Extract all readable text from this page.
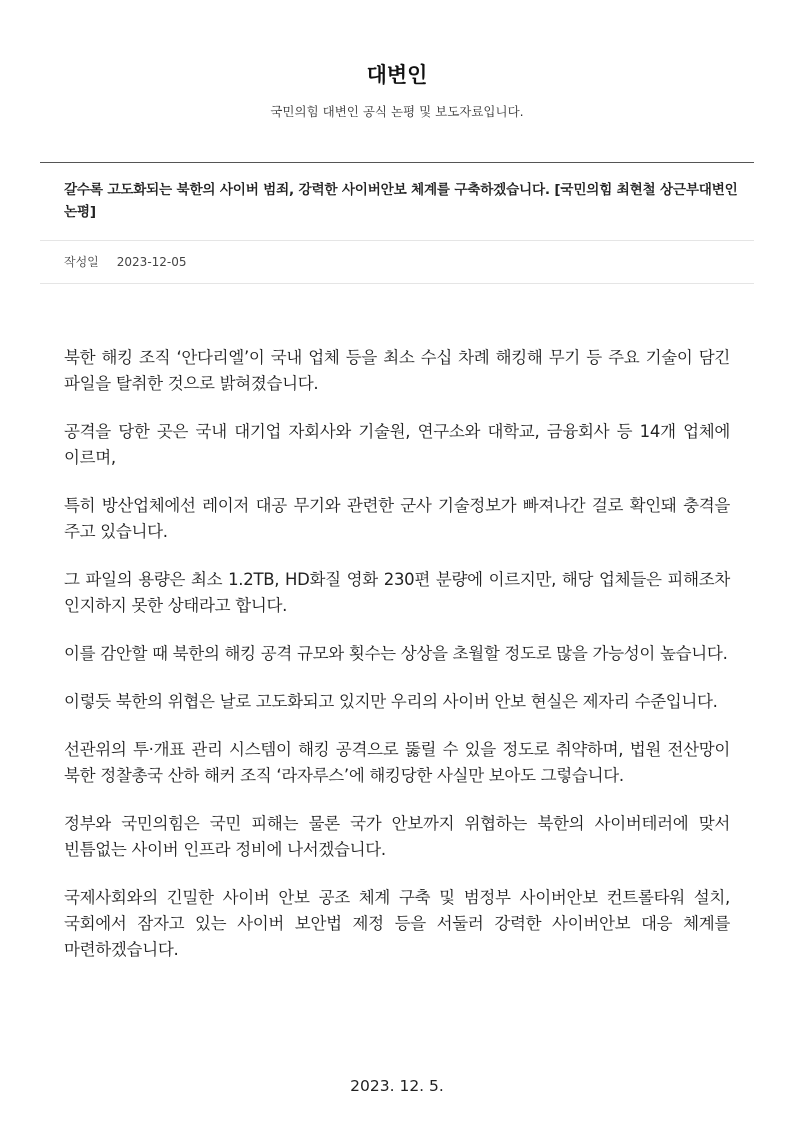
대변인
국민의힘 대변인 공식 논평 및 보도자료입니다.
갈수록 고도화되는 북한의 사이버 범죄, 강력한 사이버안보 체계를 구축하겠습니다. [국민의힘 최현철 상근부대변인 논평]
작성일 2023-12-05

북한 해킹 조직 ‘안다리엘’이 국내 업체 등을 최소 수십 차례 해킹해 무기 등 주요 기술이 담긴 파일을 탈취한 것으로 밝혀졌습니다.

공격을 당한 곳은 국내 대기업 자회사와 기술원, 연구소와 대학교, 금융회사 등 14개 업체에 이르며,

특히 방산업체에선 레이저 대공 무기와 관련한 군사 기술정보가 빠져나간 걸로 확인돼 충격을 주고 있습니다.

그 파일의 용량은 최소 1.2TB, HD화질 영화 230편 분량에 이르지만, 해당 업체들은 피해조차 인지하지 못한 상태라고 합니다.

이를 감안할 때 북한의 해킹 공격 규모와 횟수는 상상을 초월할 정도로 많을 가능성이 높습니다.

이렇듯 북한의 위협은 날로 고도화되고 있지만 우리의 사이버 안보 현실은 제자리 수준입니다.

선관위의 투·개표 관리 시스템이 해킹 공격으로 뚫릴 수 있을 정도로 취약하며, 법원 전산망이 북한 정찰총국 산하 해커 조직 ‘라자루스’에 해킹당한 사실만 보아도 그렇습니다.

정부와 국민의힘은 국민 피해는 물론 국가 안보까지 위협하는 북한의 사이버테러에 맞서 빈틈없는 사이버 인프라 정비에 나서겠습니다.

국제사회와의 긴밀한 사이버 안보 공조 체계 구축 및 범정부 사이버안보 컨트롤타워 설치, 국회에서 잠자고 있는 사이버 보안법 제정 등을 서둘러 강력한 사이버안보 대응 체계를 마련하겠습니다.

2023. 12. 5.
